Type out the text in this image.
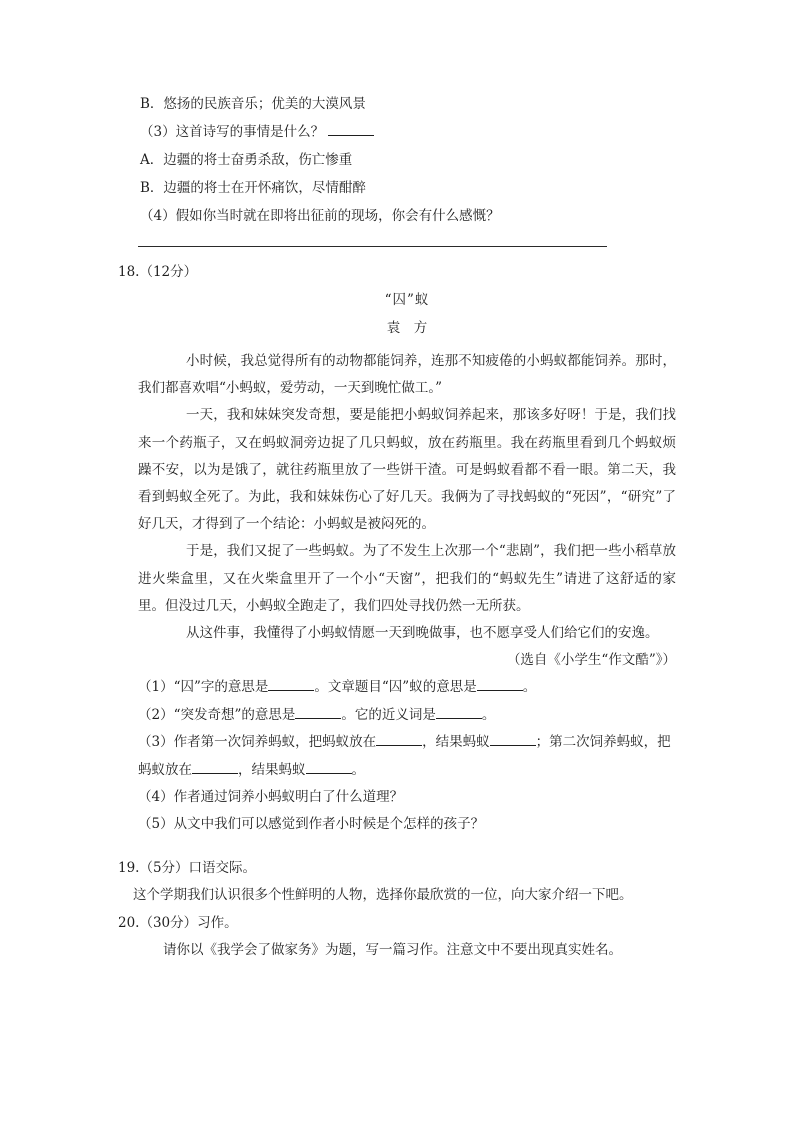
B．悠扬的民族音乐；优美的大漠风景
（3）这首诗写的事情是什么？
A．边疆的将士奋勇杀敌，伤亡惨重
B．边疆的将士在开怀痛饮，尽情酣醉
（4）假如你当时就在即将出征前的现场，你会有什么感慨？
18.（12分）
“囚”蚁
袁　方

小时候，我总觉得所有的动物都能饲养，连那不知疲倦的小蚂蚁都能饲养。那时，我们都喜欢唱“小蚂蚁，爱劳动，一天到晚忙做工。”

一天，我和妹妹突发奇想，要是能把小蚂蚁饲养起来，那该多好呀！于是，我们找来一个药瓶子，又在蚂蚁洞旁边捉了几只蚂蚁，放在药瓶里。我在药瓶里看到几个蚂蚁烦躁不安，以为是饿了，就往药瓶里放了一些饼干渣。可是蚂蚁看都不看一眼。第二天，我看到蚂蚁全死了。为此，我和妹妹伤心了好几天。我俩为了寻找蚂蚁的“死因”，“研究”了好几天，才得到了一个结论：小蚂蚁是被闷死的。

于是，我们又捉了一些蚂蚁。为了不发生上次那一个“悲剧”，我们把一些小稻草放进火柴盒里，又在火柴盒里开了一个小“天窗”，把我们的“蚂蚁先生”请进了这舒适的家里。但没过几天，小蚂蚁全跑走了，我们四处寻找仍然一无所获。

从这件事，我懂得了小蚂蚁情愿一天到晚做事，也不愿享受人们给它们的安逸。

（选自《小学生“作文酷”》）
（1）“囚”字的意思是	。文章题目“囚”蚁的意思是	。
（2）“突发奇想”的意思是	。它的近义词是	。
（3）作者第一次饲养蚂蚁，把蚂蚁放在	，结果蚂蚁	；第二次饲养蚂蚁，把蚂蚁放在	，结果蚂蚁	。
（4）作者通过饲养小蚂蚁明白了什么道理？
（5）从文中我们可以感觉到作者小时候是个怎样的孩子？
19.（5分）口语交际。
这个学期我们认识很多个性鲜明的人物，选择你最欣赏的一位，向大家介绍一下吧。
20.（30分）习作。
请你以《我学会了做家务》为题，写一篇习作。注意文中不要出现真实姓名。
